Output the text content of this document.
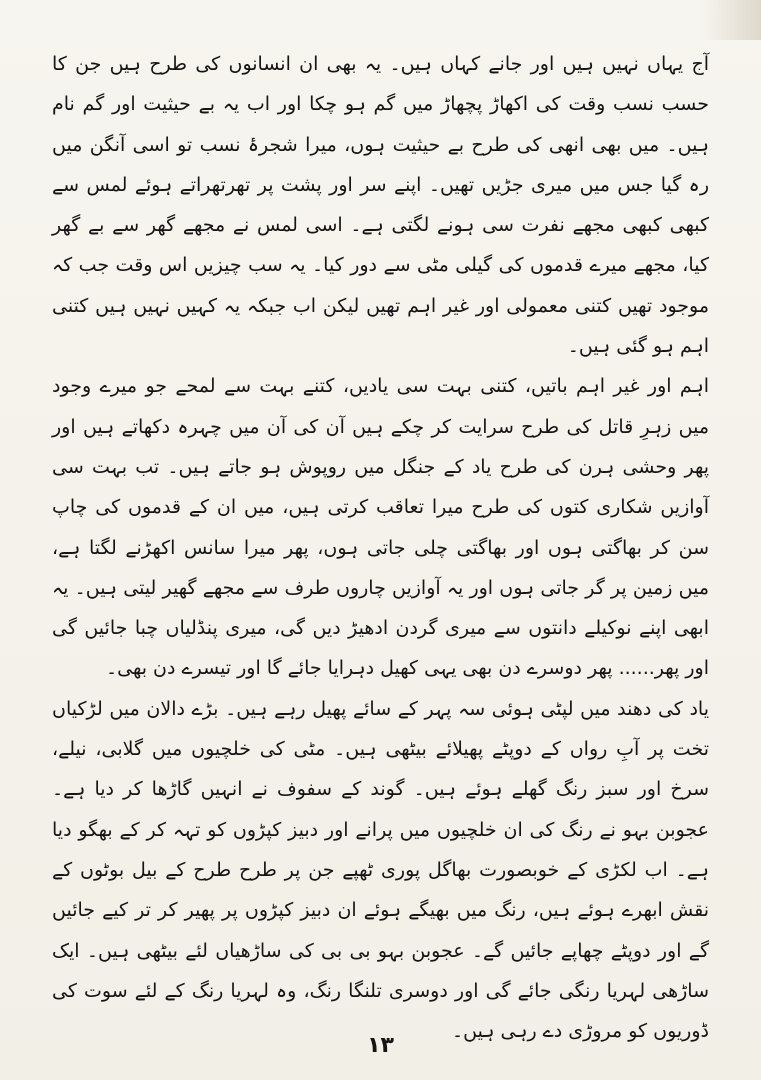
آج یہاں نہیں ہیں اور جانے کہاں ہیں۔ یہ بھی ان انسانوں کی طرح ہیں جن کا حسب نسب وقت کی اکھاڑ پچھاڑ میں گم ہو چکا اور اب یہ بے حیثیت اور گم نام ہیں۔ میں بھی انھی کی طرح بے حیثیت ہوں، میرا شجرۂ نسب تو اسی آنگن میں رہ گیا جس میں میری جڑیں تھیں۔ اپنے سر اور پشت پر تھرتھراتے ہوئے لمس سے کبھی کبھی مجھے نفرت سی ہونے لگتی ہے۔ اسی لمس نے مجھے گھر سے بے گھر کیا، مجھے میرے قدموں کی گیلی مٹی سے دور کیا۔ یہ سب چیزیں اس وقت جب کہ موجود تھیں کتنی معمولی اور غیر اہم تھیں لیکن اب جبکہ یہ کہیں نہیں ہیں کتنی اہم ہو گئی ہیں۔

اہم اور غیر اہم باتیں، کتنی بہت سی یادیں، کتنے بہت سے لمحے جو میرے وجود میں زہرِ قاتل کی طرح سرایت کر چکے ہیں آن کی آن میں چہرہ دکھاتے ہیں اور پھر وحشی ہرن کی طرح یاد کے جنگل میں روپوش ہو جاتے ہیں۔ تب بہت سی آوازیں شکاری کتوں کی طرح میرا تعاقب کرتی ہیں، میں ان کے قدموں کی چاپ سن کر بھاگتی ہوں اور بھاگتی چلی جاتی ہوں، پھر میرا سانس اکھڑنے لگتا ہے، میں زمین پر گر جاتی ہوں اور یہ آوازیں چاروں طرف سے مجھے گھیر لیتی ہیں۔ یہ ابھی اپنے نوکیلے دانتوں سے میری گردن ادھیڑ دیں گی، میری پنڈلیاں چبا جائیں گی اور پھر...... پھر دوسرے دن بھی یہی کھیل دہرایا جائے گا اور تیسرے دن بھی۔

یاد کی دھند میں لپٹی ہوئی سہ پہر کے سائے پھیل رہے ہیں۔ بڑے دالان میں لڑکیاں تخت پر آبِ رواں کے دوپٹے پھیلائے بیٹھی ہیں۔ مٹی کی خلچیوں میں گلابی، نیلے، سرخ اور سبز رنگ گھلے ہوئے ہیں۔ گوند کے سفوف نے انہیں گاڑھا کر دیا ہے۔ عجوبن بہو نے رنگ کی ان خلچیوں میں پرانے اور دبیز کپڑوں کو تہہ کر کے بھگو دیا ہے۔ اب لکڑی کے خوبصورت بھاگل پوری ٹھپے جن پر طرح طرح کے بیل بوٹوں کے نقش ابھرے ہوئے ہیں، رنگ میں بھیگے ہوئے ان دبیز کپڑوں پر پھیر کر تر کیے جائیں گے اور دوپٹے چھاپے جائیں گے۔ عجوبن بہو بی بی کی ساڑھیاں لئے بیٹھی ہیں۔ ایک ساڑھی لہریا رنگی جائے گی اور دوسری تلنگا رنگ، وہ لہریا رنگ کے لئے سوت کی ڈوریوں کو مروڑی دے رہی ہیں۔

۱۳
